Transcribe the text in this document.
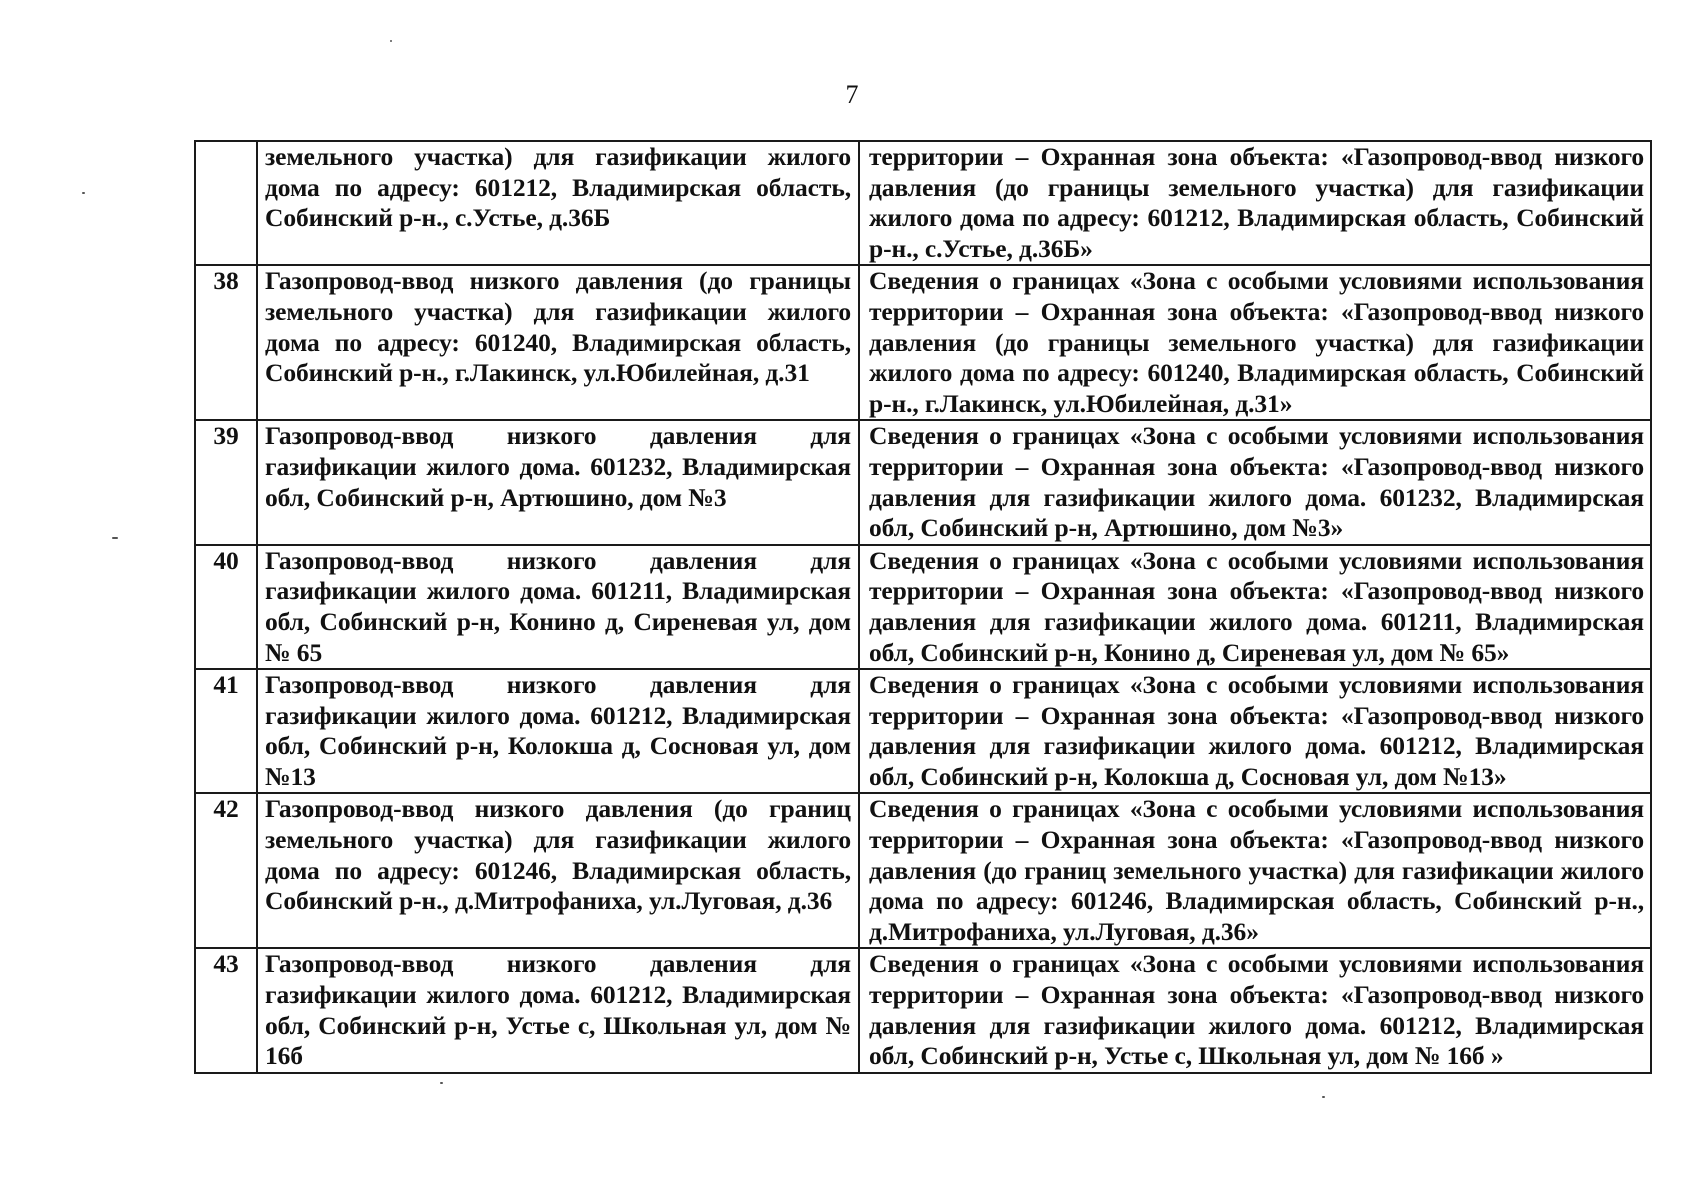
7
	земельного участка) для газификации жилого дома по адресу: 601212, Владимирская область, Собинский р-н., с.Устье, д.36Б	территории – Охранная зона объекта: «Газопровод-ввод низкого давления (до границы земельного участка) для газификации жилого дома по адресу: 601212, Владимирская область, Собинский р-н., с.Устье, д.36Б»
38	Газопровод-ввод низкого давления (до границы земельного участка) для газификации жилого дома по адресу: 601240, Владимирская область, Собинский р-н., г.Лакинск, ул.Юбилейная, д.31	Сведения о границах «Зона с особыми условиями использования территории – Охранная зона объекта: «Газопровод-ввод низкого давления (до границы земельного участка) для газификации жилого дома по адресу: 601240, Владимирская область, Собинский р-н., г.Лакинск, ул.Юбилейная, д.31»
39	Газопровод-ввод низкого давления для газификации жилого дома. 601232, Владимирская обл, Собинский р-н, Артюшино, дом №3	Сведения о границах «Зона с особыми условиями использования территории – Охранная зона объекта: «Газопровод-ввод низкого давления для газификации жилого дома. 601232, Владимирская обл, Собинский р-н, Артюшино, дом №3»
40	Газопровод-ввод низкого давления для газификации жилого дома. 601211, Владимирская обл, Собинский р-н, Конино д, Сиреневая ул, дом № 65	Сведения о границах «Зона с особыми условиями использования территории – Охранная зона объекта: «Газопровод-ввод низкого давления для газификации жилого дома. 601211, Владимирская обл, Собинский р-н, Конино д, Сиреневая ул, дом № 65»
41	Газопровод-ввод низкого давления для газификации жилого дома. 601212, Владимирская обл, Собинский р-н, Колокша д, Сосновая ул, дом №13	Сведения о границах «Зона с особыми условиями использования территории – Охранная зона объекта: «Газопровод-ввод низкого давления для газификации жилого дома. 601212, Владимирская обл, Собинский р-н, Колокша д, Сосновая ул, дом №13»
42	Газопровод-ввод низкого давления (до границ земельного участка) для газификации жилого дома по адресу: 601246, Владимирская область, Собинский р-н., д.Митрофаниха, ул.Луговая, д.36	Сведения о границах «Зона с особыми условиями использования территории – Охранная зона объекта: «Газопровод-ввод низкого давления (до границ земельного участка) для газификации жилого дома по адресу: 601246, Владимирская область, Собинский р-н., д.Митрофаниха, ул.Луговая, д.36»
43	Газопровод-ввод низкого давления для газификации жилого дома. 601212, Владимирская обл, Собинский р-н, Устье с, Школьная ул, дом № 16б	Сведения о границах «Зона с особыми условиями использования территории – Охранная зона объекта: «Газопровод-ввод низкого давления для газификации жилого дома. 601212, Владимирская обл, Собинский р-н, Устье с, Школьная ул, дом № 16б »
